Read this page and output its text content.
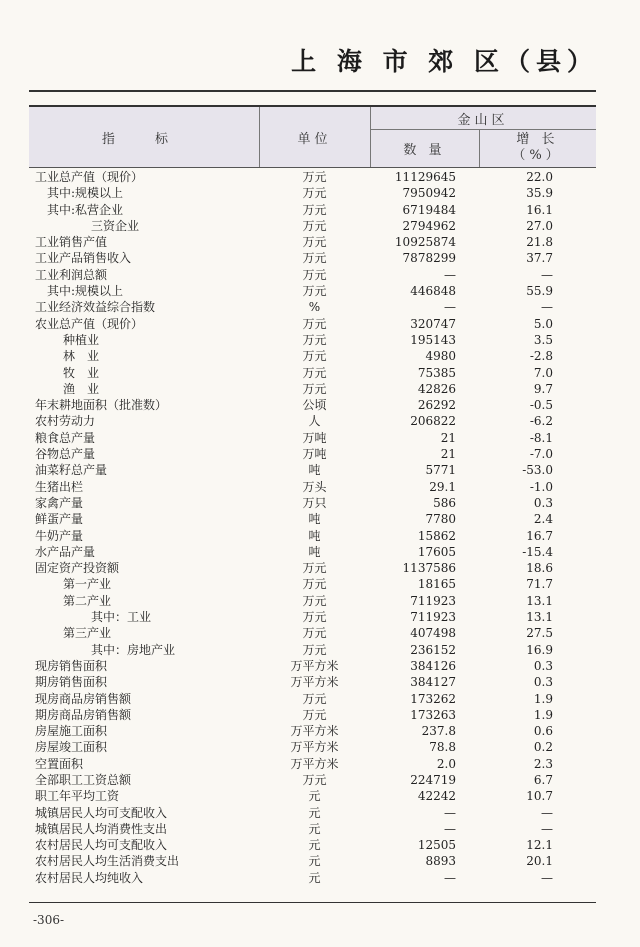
上 海 市 郊 区（县）
指 标	单位
金山区
数 量
增 长
（%）
工业总产值（现价）	万元	11129645	22.0
其中:规模以上	万元	7950942	35.9
其中:私营企业	万元	6719484	16.1
三资企业	万元	2794962	27.0
工业销售产值	万元	10925874	21.8
工业产品销售收入	万元	7878299	37.7
工业利润总额	万元	—	—
其中:规模以上	万元	446848	55.9
工业经济效益综合指数	%	—	—
农业总产值（现价）	万元	320747	5.0
种植业	万元	195143	3.5
林　业	万元	4980	-2.8
牧　业	万元	75385	7.0
渔　业	万元	42826	9.7
年末耕地面积（批准数）	公顷	26292	-0.5
农村劳动力	人	206822	-6.2
粮食总产量	万吨	21	-8.1
谷物总产量	万吨	21	-7.0
油菜籽总产量	吨	5771	-53.0
生猪出栏	万头	29.1	-1.0
家禽产量	万只	586	0.3
鲜蛋产量	吨	7780	2.4
牛奶产量	吨	15862	16.7
水产品产量	吨	17605	-15.4
固定资产投资额	万元	1137586	18.6
第一产业	万元	18165	71.7
第二产业	万元	711923	13.1
其中：工业	万元	711923	13.1
第三产业	万元	407498	27.5
其中：房地产业	万元	236152	16.9
现房销售面积	万平方米	384126	0.3
期房销售面积	万平方米	384127	0.3
现房商品房销售额	万元	173262	1.9
期房商品房销售额	万元	173263	1.9
房屋施工面积	万平方米	237.8	0.6
房屋竣工面积	万平方米	78.8	0.2
空置面积	万平方米	2.0	2.3
全部职工工资总额	万元	224719	6.7
职工年平均工资	元	42242	10.7
城镇居民人均可支配收入	元	—	—
城镇居民人均消费性支出	元	—	—
农村居民人均可支配收入	元	12505	12.1
农村居民人均生活消费支出	元	8893	20.1
农村居民人均纯收入	元	—	—
-306-
